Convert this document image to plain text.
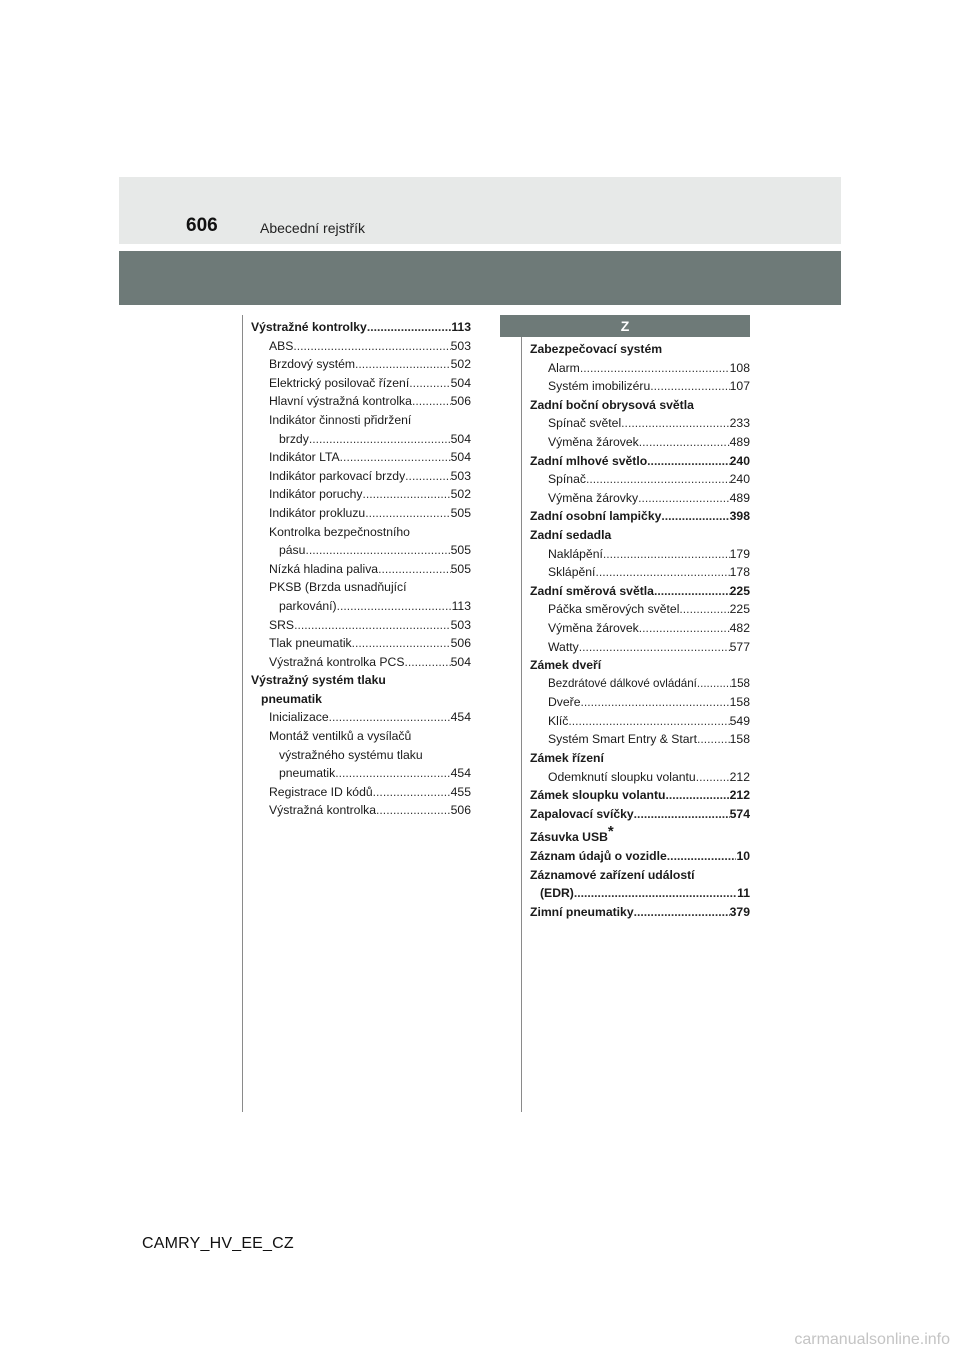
606	Abecední rejstřík
Z
Výstražné kontrolky .....	113
ABS .....	503
Brzdový systém .....	502
Elektrický posilovač řízení .....	504
Hlavní výstražná kontrolka .....	506
Indikátor činnosti přidržení
brzdy .....	504
Indikátor LTA .....	504
Indikátor parkovací brzdy .....	503
Indikátor poruchy .....	502
Indikátor prokluzu .....	505
Kontrolka bezpečnostního
pásu .....	505
Nízká hladina paliva .....	505
PKSB (Brzda usnadňující
parkování) .....	113
SRS .....	503
Tlak pneumatik .....	506
Výstražná kontrolka PCS .....	504
Výstražný systém tlaku
pneumatik
Inicializace .....	454
Montáž ventilků a vysílačů
výstražného systému tlaku
pneumatik .....	454
Registrace ID kódů .....	455
Výstražná kontrolka .....	506
Zabezpečovací systém
Alarm .....	108
Systém imobilizéru .....	107
Zadní boční obrysová světla
Spínač světel .....	233
Výměna žárovek .....	489
Zadní mlhové světlo .....	240
Spínač .....	240
Výměna žárovky .....	489
Zadní osobní lampičky .....	398
Zadní sedadla
Naklápění .....	179
Sklápění .....	178
Zadní směrová světla .....	225
Páčka směrových světel .....	225
Výměna žárovek .....	482
Watty .....	577
Zámek dveří
Bezdrátové dálkové ovládání .....	158
Dveře .....	158
Klíč .....	549
Systém Smart Entry & Start .....	158
Zámek řízení
Odemknutí sloupku volantu .....	212
Zámek sloupku volantu .....	212
Zapalovací svíčky .....	574
Zásuvka USB*
Záznam údajů o vozidle .....	10
Záznamové zařízení událostí
(EDR) .....	11
Zimní pneumatiky .....	379
CAMRY_HV_EE_CZ
carmanualsonline.info
